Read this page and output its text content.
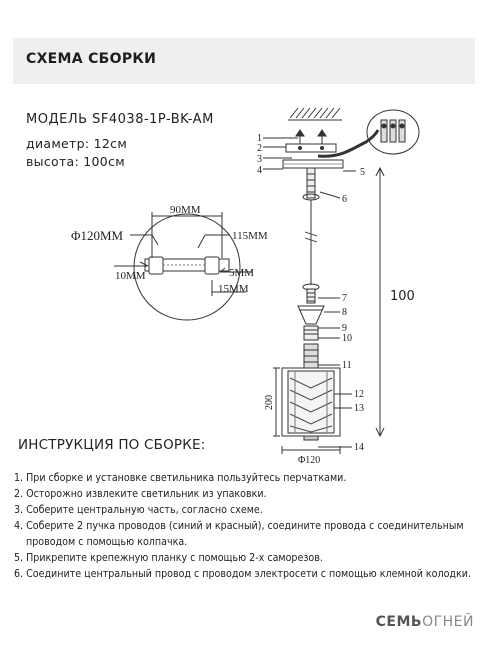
СХЕМА СБОРКИ
МОДЕЛЬ SF4038-1P-BK-AM
диаметр: 12см
высота: 100см
Φ120MM
90MM
115MM
10MM	5MM
15MM
1
2
3
4	5
6
7
8
9
10
11
12
13
14
100
200
Φ120
ИНСТРУКЦИЯ ПО СБОРКЕ:
1. При сборке и установке светильника пользуйтесь перчатками.
2. Осторожно извлеките светильник из упаковки.
3. Соберите центральную часть, согласно схеме.
4. Соберите 2 пучка проводов (синий и красный), соедините провода с соединительным
проводом с помощью колпачка.
5. Прикрепите крепежную планку с помощью 2-х саморезов.
6. Соедините центральный провод с проводом электросети с помощью клемной колодки.
СЕМЬОГНЕЙ
